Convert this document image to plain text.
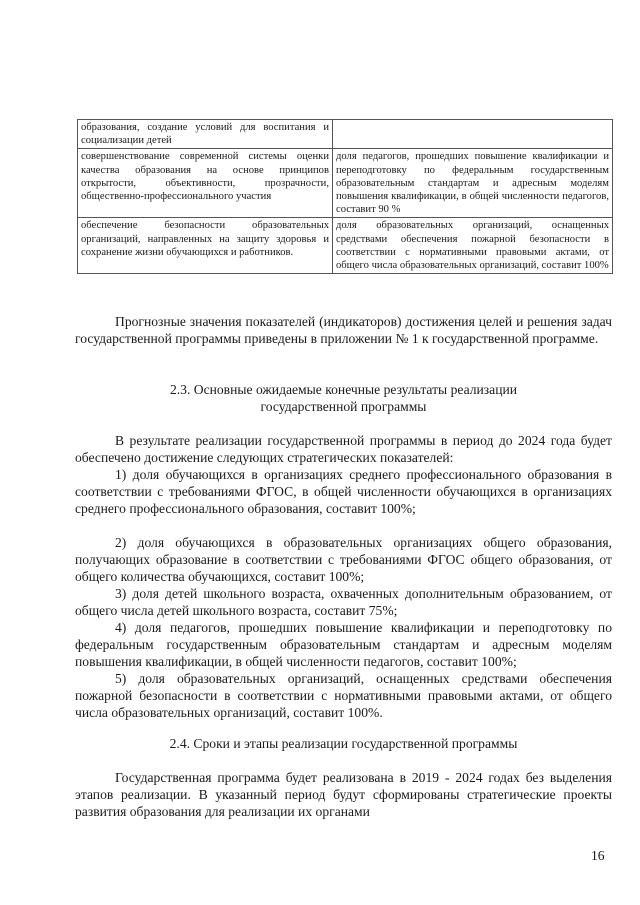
образования, создание условий для воспитания и социализации детей	
совершенствование современной системы оценки качества образования на основе принципов открытости, объективности, прозрачности, общественно-профессионального участия	доля педагогов, прошедших повышение квалификации и переподготовку по федеральным государственным образовательным стандартам и адресным моделям повышения квалификации, в общей численности педагогов, составит 90 %
обеспечение безопасности образовательных организаций, направленных на защиту здоровья и сохранение жизни обучающихся и работников.	доля образовательных организаций, оснащенных средствами обеспечения пожарной безопасности в соответствии с нормативными правовыми актами, от общего числа образовательных организаций, составит 100%

Прогнозные значения показателей (индикаторов) достижения целей и решения задач государственной программы приведены в приложении № 1 к государственной программе.

2.3. Основные ожидаемые конечные результаты реализации

государственной программы

В результате реализации государственной программы в период до 2024 года будет обеспечено достижение следующих стратегических показателей:

1) доля обучающихся в организациях среднего профессионального образования в соответствии с требованиями ФГОС, в общей численности обучающихся в организациях среднего профессионального образования, составит 100%;

2) доля обучающихся в образовательных организациях общего образования, получающих образование в соответствии с требованиями ФГОС общего образования, от общего количества обучающихся, составит 100%;

3) доля детей школьного возраста, охваченных дополнительным образованием, от общего числа детей школьного возраста, составит 75%;

4) доля педагогов, прошедших повышение квалификации и переподготовку по федеральным государственным образовательным стандартам и адресным моделям повышения квалификации, в общей численности педагогов, составит 100%;

5) доля образовательных организаций, оснащенных средствами обеспечения пожарной безопасности в соответствии с нормативными правовыми актами, от общего числа образовательных организаций, составит 100%.

2.4. Сроки и этапы реализации государственной программы

Государственная программа будет реализована в 2019 - 2024 годах без выделения этапов реализации. В указанный период будут сформированы стратегические проекты развития образования для реализации их органами

16
